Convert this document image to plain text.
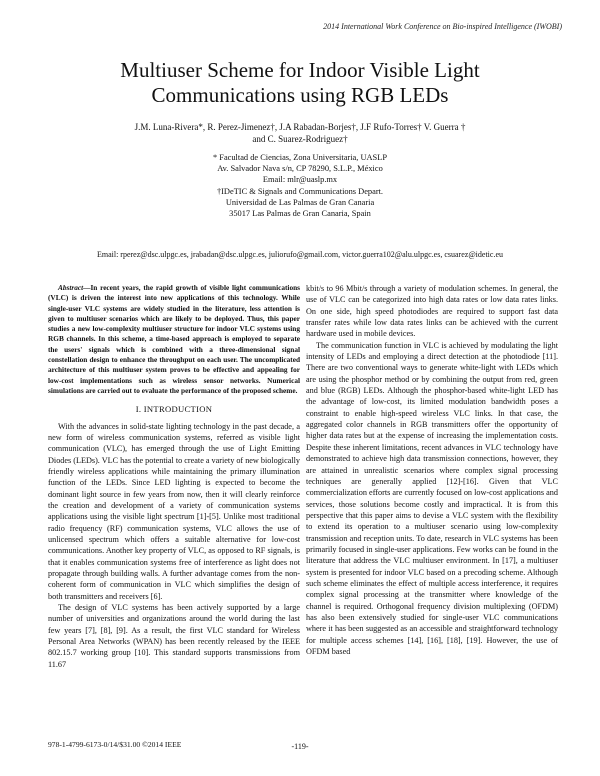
2014 International Work Conference on Bio-inspired Intelligence (IWOBI)
Multiuser Scheme for Indoor Visible Light
Communications using RGB LEDs
J.M. Luna-Rivera*, R. Perez-Jimenez†, J.A Rabadan-Borjes†, J.F Rufo-Torres† V. Guerra †
and C. Suarez-Rodriguez†
* Facultad de Ciencias, Zona Universitaria, UASLP
Av. Salvador Nava s/n, CP 78290, S.L.P., México
Email: mlr@uaslp.mx
†IDeTIC & Signals and Communications Depart.
Universidad de Las Palmas de Gran Canaria
35017 Las Palmas de Gran Canaria, Spain
Email: rperez@dsc.ulpgc.es, jrabadan@dsc.ulpgc.es, juliorufo@gmail.com, victor.guerra102@alu.ulpgc.es, csuarez@idetic.eu

Abstract—In recent years, the rapid growth of visible light communications (VLC) is driven the interest into new applications of this technology. While single-user VLC systems are widely studied in the literature, less attention is given to multiuser scenarios which are likely to be deployed. Thus, this paper studies a new low-complexity multiuser structure for indoor VLC systems using RGB channels. In this scheme, a time-based approach is employed to separate the users' signals which is combined with a three-dimensional signal constellation design to enhance the throughput on each user. The uncomplicated architecture of this multiuser system proves to be effective and appealing for low-cost implementations such as wireless sensor networks. Numerical simulations are carried out to evaluate the performance of the proposed scheme.

I. INTRODUCTION

With the advances in solid-state lighting technology in the past decade, a new form of wireless communication systems, referred as visible light communication (VLC), has emerged through the use of Light Emitting Diodes (LEDs). VLC has the potential to create a variety of new biologically friendly wireless applications while maintaining the primary illumination function of the LEDs. Since LED lighting is expected to become the dominant light source in few years from now, then it will clearly reinforce the creation and development of a variety of communication systems applications using the visible light spectrum [1]-[5]. Unlike most traditional radio frequency (RF) communication systems, VLC allows the use of unlicensed spectrum which offers a suitable alternative for low-cost communications. Another key property of VLC, as opposed to RF signals, is that it enables communication systems free of interference as light does not propagate through building walls. A further advantage comes from the non-coherent form of communication in VLC which simplifies the design of both transmitters and receivers [6].

The design of VLC systems has been actively supported by a large number of universities and organizations around the world during the last few years [7], [8], [9]. As a result, the first VLC standard for Wireless Personal Area Networks (WPAN) has been recently released by the IEEE 802.15.7 working group [10]. This standard supports transmissions from 11.67

kbit/s to 96 Mbit/s through a variety of modulation schemes. In general, the use of VLC can be categorized into high data rates or low data rates links. On one side, high speed photodiodes are required to support fast data transfer rates while low data rates links can be achieved with the current hardware used in mobile devices.

The communication function in VLC is achieved by modulating the light intensity of LEDs and employing a direct detection at the photodiode [11]. There are two conventional ways to generate white-light with LEDs which are using the phosphor method or by combining the output from red, green and blue (RGB) LEDs. Although the phosphor-based white-light LED has the advantage of low-cost, its limited modulation bandwidth poses a constraint to enable high-speed wireless VLC links. In that case, the aggregated color channels in RGB transmitters offer the opportunity of higher data rates but at the expense of increasing the implementation costs. Despite these inherent limitations, recent advances in VLC technology have demonstrated to achieve high data transmission connections, however, they are attained in unrealistic scenarios where complex signal processing techniques are generally applied [12]-[16]. Given that VLC commercialization efforts are currently focused on low-cost applications and services, those solutions become costly and impractical. It is from this perspective that this paper aims to devise a VLC system with the flexibility to extend its operation to a multiuser scenario using low-complexity transmission and reception units. To date, research in VLC systems has been primarily focused in single-user applications. Few works can be found in the literature that address the VLC multiuser environment. In [17], a multiuser system is presented for indoor VLC based on a precoding scheme. Although such scheme eliminates the effect of multiple access interference, it requires complex signal processing at the transmitter where knowledge of the channel is required. Orthogonal frequency division multiplexing (OFDM) has also been extensively studied for single-user VLC communications where it has been suggested as an accessible and straightforward technology for multiple access schemes [14], [16], [18], [19]. However, the use of OFDM based

978-1-4799-6173-0/14/$31.00 ©2014 IEEE	-119-
